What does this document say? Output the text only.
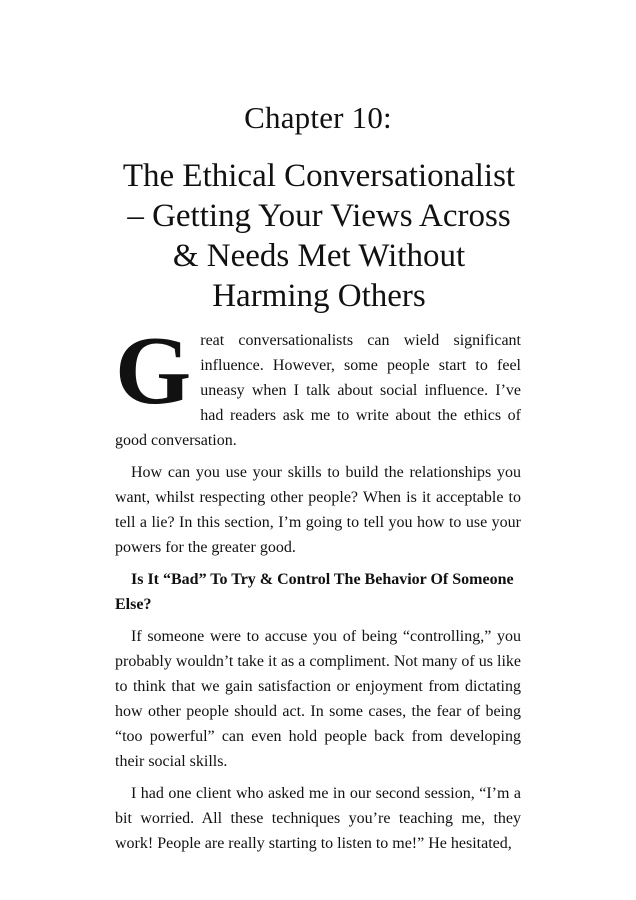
Chapter 10:
The Ethical Conversationalist – Getting Your Views Across & Needs Met Without Harming Others

Great conversationalists can wield significant influence. However, some people start to feel uneasy when I talk about social influence. I’ve had readers ask me to write about the ethics of good conversation.

How can you use your skills to build the relationships you want, whilst respecting other people? When is it acceptable to tell a lie? In this section, I’m going to tell you how to use your powers for the greater good.

Is It “Bad” To Try & Control The Behavior Of Someone Else?

If someone were to accuse you of being “controlling,” you probably wouldn’t take it as a compliment. Not many of us like to think that we gain satisfaction or enjoyment from dictating how other people should act. In some cases, the fear of being “too powerful” can even hold people back from developing their social skills.

I had one client who asked me in our second session, “I’m a bit worried. All these techniques you’re teaching me, they work! People are really starting to listen to me!” He hesitated,
